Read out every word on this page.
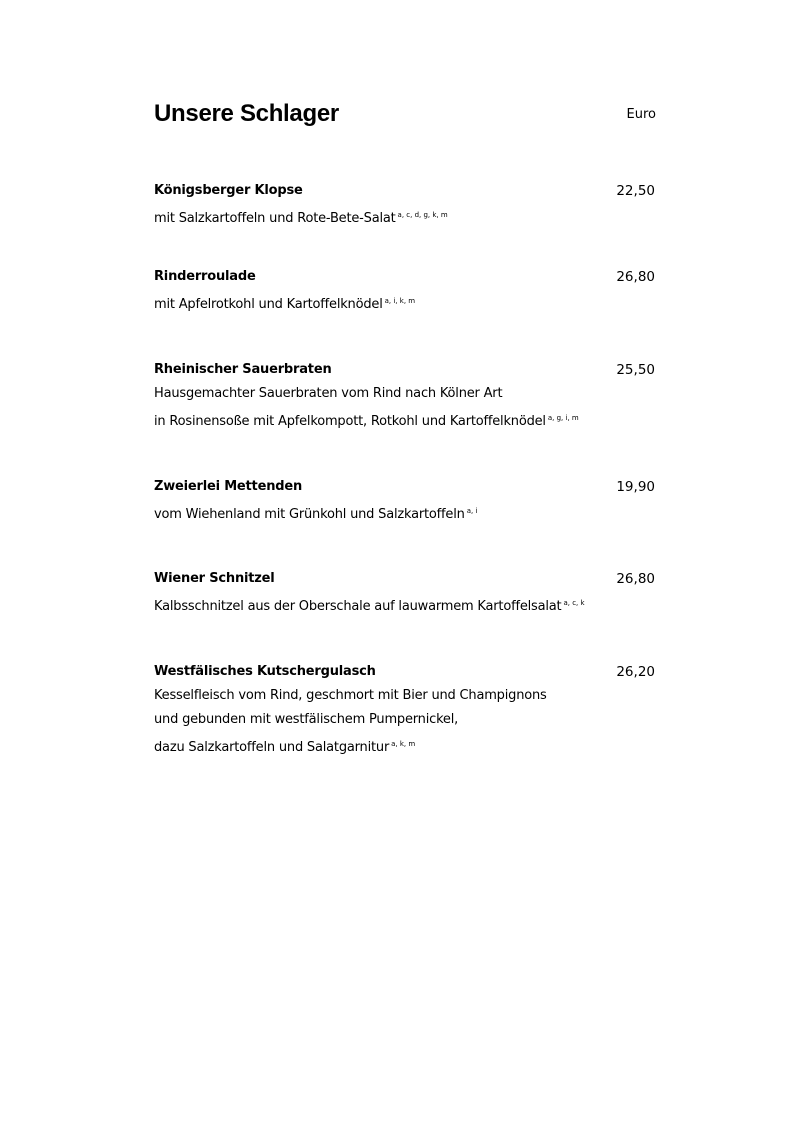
Unsere Schlager	Euro
Königsberger Klopse	22,50
mit Salzkartoffeln und Rote-Bete-Salat $^{a, c, d, g, k, m}$
Rinderroulade	26,80
mit Apfelrotkohl und Kartoffelknödel $^{a, i, k, m}$
Rheinischer Sauerbraten	25,50
Hausgemachter Sauerbraten vom Rind nach Kölner Art
in Rosinensoße mit Apfelkompott, Rotkohl und Kartoffelknödel $^{a, g, i, m}$
Zweierlei Mettenden	19,90
vom Wiehenland mit Grünkohl und Salzkartoffeln $^{a, i}$
Wiener Schnitzel	26,80
Kalbsschnitzel aus der Oberschale auf lauwarmem Kartoffelsalat $^{a, c, k}$
Westfälisches Kutschergulasch	26,20
Kesselfleisch vom Rind, geschmort mit Bier und Champignons
und gebunden mit westfälischem Pumpernickel,
dazu Salzkartoffeln und Salatgarnitur $^{a, k, m}$
